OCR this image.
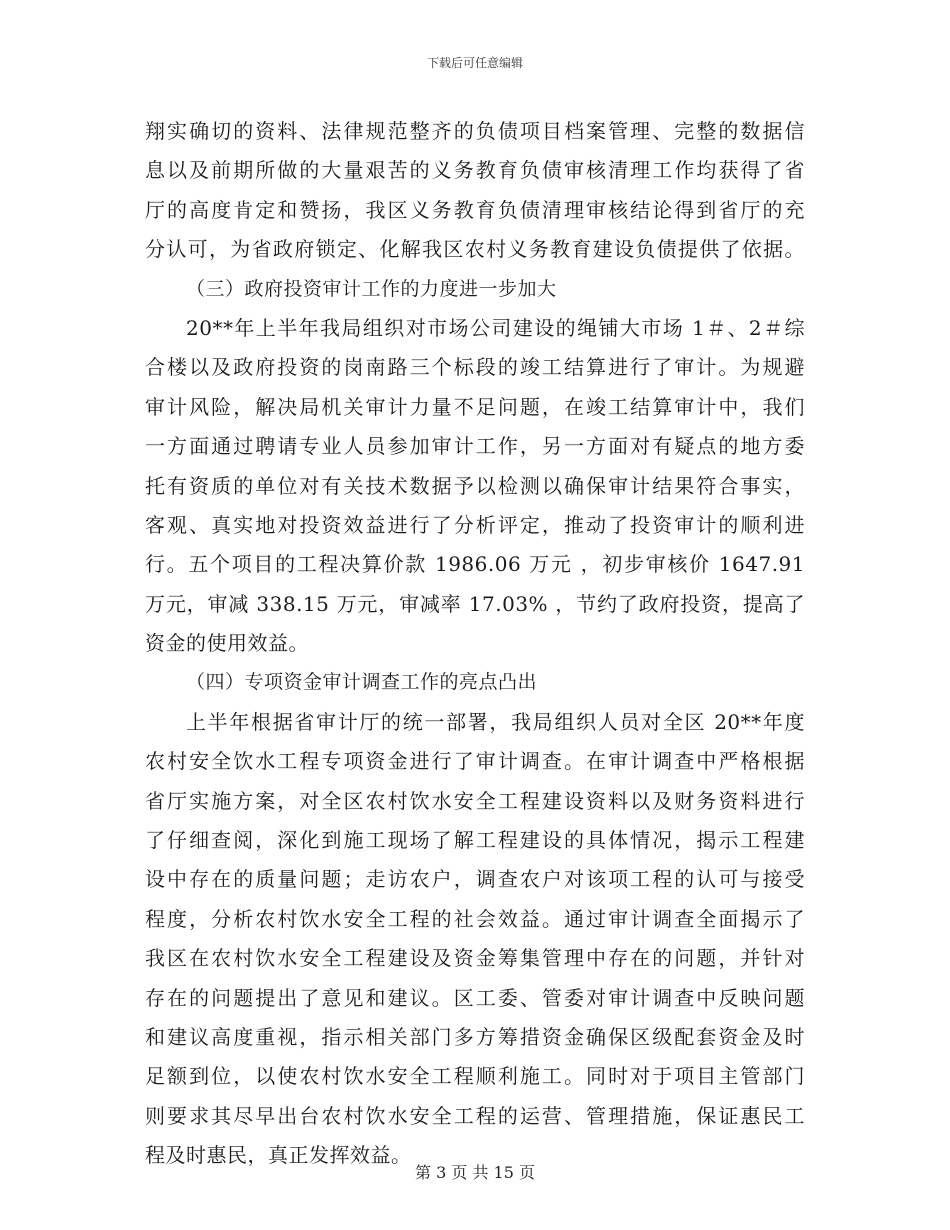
下载后可任意编辑
翔实确切的资料、法律规范整齐的负债项目档案管理、完整的数据信
息以及前期所做的大量艰苦的义务教育负债审核清理工作均获得了省
厅的高度肯定和赞扬，我区义务教育负债清理审核结论得到省厅的充
分认可，为省政府锁定、化解我区农村义务教育建设负债提供了依据。
（三）政府投资审计工作的力度进一步加大
20**年上半年我局组织对市场公司建设的绳铺大市场 1＃、2＃综
合楼以及政府投资的岗南路三个标段的竣工结算进行了审计。为规避
审计风险，解决局机关审计力量不足问题，在竣工结算审计中，我们
一方面通过聘请专业人员参加审计工作，另一方面对有疑点的地方委
托有资质的单位对有关技术数据予以检测以确保审计结果符合事实，
客观、真实地对投资效益进行了分析评定，推动了投资审计的顺利进
行。五个项目的工程决算价款 1986.06 万元 ，初步审核价 1647.91
万元，审减 338.15 万元，审减率 17.03% ，节约了政府投资，提高了
资金的使用效益。
（四）专项资金审计调查工作的亮点凸出
上半年根据省审计厅的统一部署，我局组织人员对全区 20**年度
农村安全饮水工程专项资金进行了审计调查。在审计调查中严格根据
省厅实施方案，对全区农村饮水安全工程建设资料以及财务资料进行
了仔细查阅，深化到施工现场了解工程建设的具体情况，揭示工程建
设中存在的质量问题；走访农户，调查农户对该项工程的认可与接受
程度，分析农村饮水安全工程的社会效益。通过审计调查全面揭示了
我区在农村饮水安全工程建设及资金筹集管理中存在的问题，并针对
存在的问题提出了意见和建议。区工委、管委对审计调查中反映问题
和建议高度重视，指示相关部门多方筹措资金确保区级配套资金及时
足额到位，以使农村饮水安全工程顺利施工。同时对于项目主管部门
则要求其尽早出台农村饮水安全工程的运营、管理措施，保证惠民工
程及时惠民，真正发挥效益。
第 3 页 共 15 页
